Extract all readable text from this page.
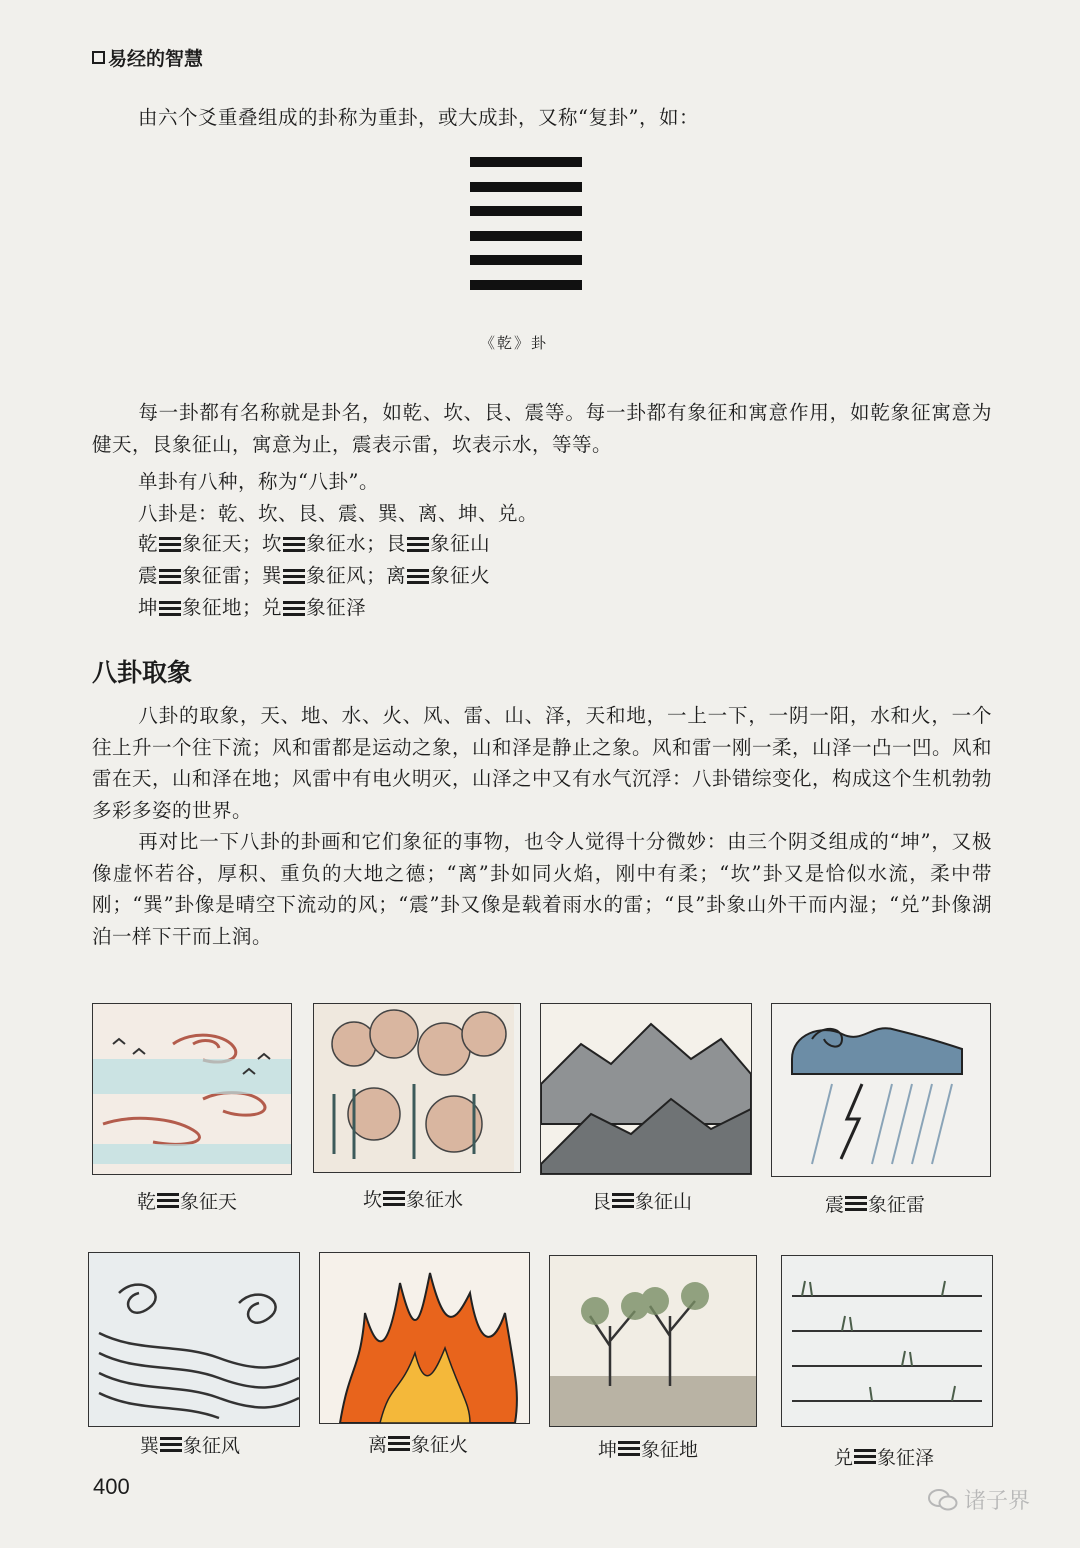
易经的智慧

由六个爻重叠组成的卦称为重卦，或大成卦，又称“复卦”，如：

《乾》卦

每一卦都有名称就是卦名，如乾、坎、艮、震等。每一卦都有象征和寓意作用，如乾象征寓意为健天，艮象征山，寓意为止，震表示雷，坎表示水，等等。

单卦有八种，称为“八卦”。
八卦是：乾、坎、艮、震、巽、离、坤、兑。
乾 象征天；坎 象征水；艮 象征山
震 象征雷；巽 象征风；离 象征火
坤 象征地；兑 象征泽
八卦取象

八卦的取象，天、地、水、火、风、雷、山、泽，天和地，一上一下，一阴一阳，水和火，一个往上升一个往下流；风和雷都是运动之象，山和泽是静止之象。风和雷一刚一柔，山泽一凸一凹。风和雷在天，山和泽在地；风雷中有电火明灭，山泽之中又有水气沉浮：八卦错综变化，构成这个生机勃勃多彩多姿的世界。

再对比一下八卦的卦画和它们象征的事物，也令人觉得十分微妙：由三个阴爻组成的“坤”，又极像虚怀若谷，厚积、重负的大地之德；“离”卦如同火焰，刚中有柔；“坎”卦又是恰似水流，柔中带刚；“巽”卦像是晴空下流动的风；“震”卦又像是载着雨水的雷；“艮”卦象山外干而内湿；“兑”卦像湖泊一样下干而上润。

乾 象征天	坎 象征水	艮 象征山	震 象征雷
巽 象征风	离 象征火	坤 象征地	兑 象征泽
400
诸子界
